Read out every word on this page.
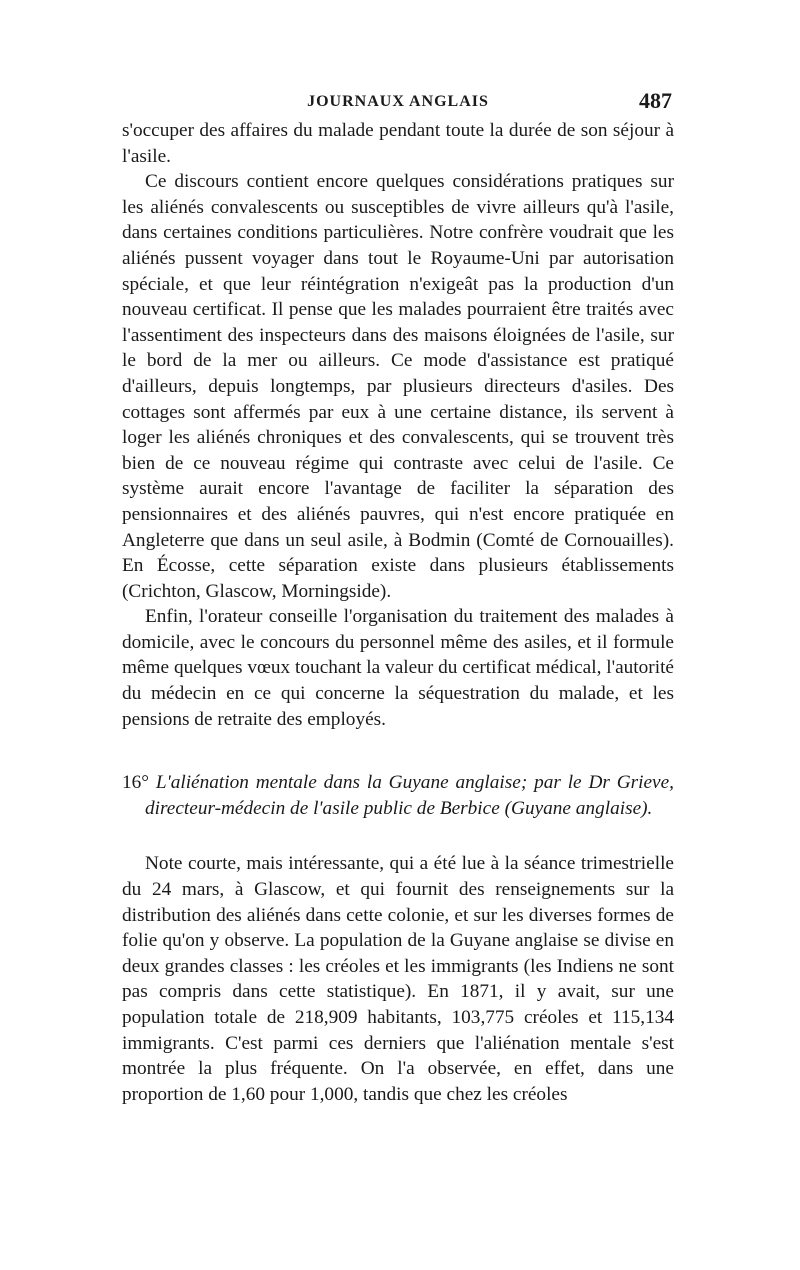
JOURNAUX ANGLAIS	487

s'occuper des affaires du malade pendant toute la durée de son séjour à l'asile.

Ce discours contient encore quelques considérations pratiques sur les aliénés convalescents ou susceptibles de vivre ailleurs qu'à l'asile, dans certaines conditions particulières. Notre confrère voudrait que les aliénés pussent voyager dans tout le Royaume-Uni par autorisation spéciale, et que leur réintégration n'exigeât pas la production d'un nouveau certificat. Il pense que les malades pourraient être traités avec l'assentiment des inspecteurs dans des maisons éloignées de l'asile, sur le bord de la mer ou ailleurs. Ce mode d'assistance est pratiqué d'ailleurs, depuis longtemps, par plusieurs directeurs d'asiles. Des cottages sont affermés par eux à une certaine distance, ils servent à loger les aliénés chroniques et des convalescents, qui se trouvent très bien de ce nouveau régime qui contraste avec celui de l'asile. Ce système aurait encore l'avantage de faciliter la séparation des pensionnaires et des aliénés pauvres, qui n'est encore pratiquée en Angleterre que dans un seul asile, à Bodmin (Comté de Cornouailles). En Écosse, cette séparation existe dans plusieurs établissements (Crichton, Glascow, Morningside).

Enfin, l'orateur conseille l'organisation du traitement des malades à domicile, avec le concours du personnel même des asiles, et il formule même quelques vœux touchant la valeur du certificat médical, l'autorité du médecin en ce qui concerne la séquestration du malade, et les pensions de retraite des employés.

16° L'aliénation mentale dans la Guyane anglaise; par le Dr Grieve, directeur-médecin de l'asile public de Berbice (Guyane anglaise).

Note courte, mais intéressante, qui a été lue à la séance trimestrielle du 24 mars, à Glascow, et qui fournit des renseignements sur la distribution des aliénés dans cette colonie, et sur les diverses formes de folie qu'on y observe. La population de la Guyane anglaise se divise en deux grandes classes : les créoles et les immigrants (les Indiens ne sont pas compris dans cette statistique). En 1871, il y avait, sur une population totale de 218,909 habitants, 103,775 créoles et 115,134 immigrants. C'est parmi ces derniers que l'aliénation mentale s'est montrée la plus fréquente. On l'a observée, en effet, dans une proportion de 1,60 pour 1,000, tandis que chez les créoles
